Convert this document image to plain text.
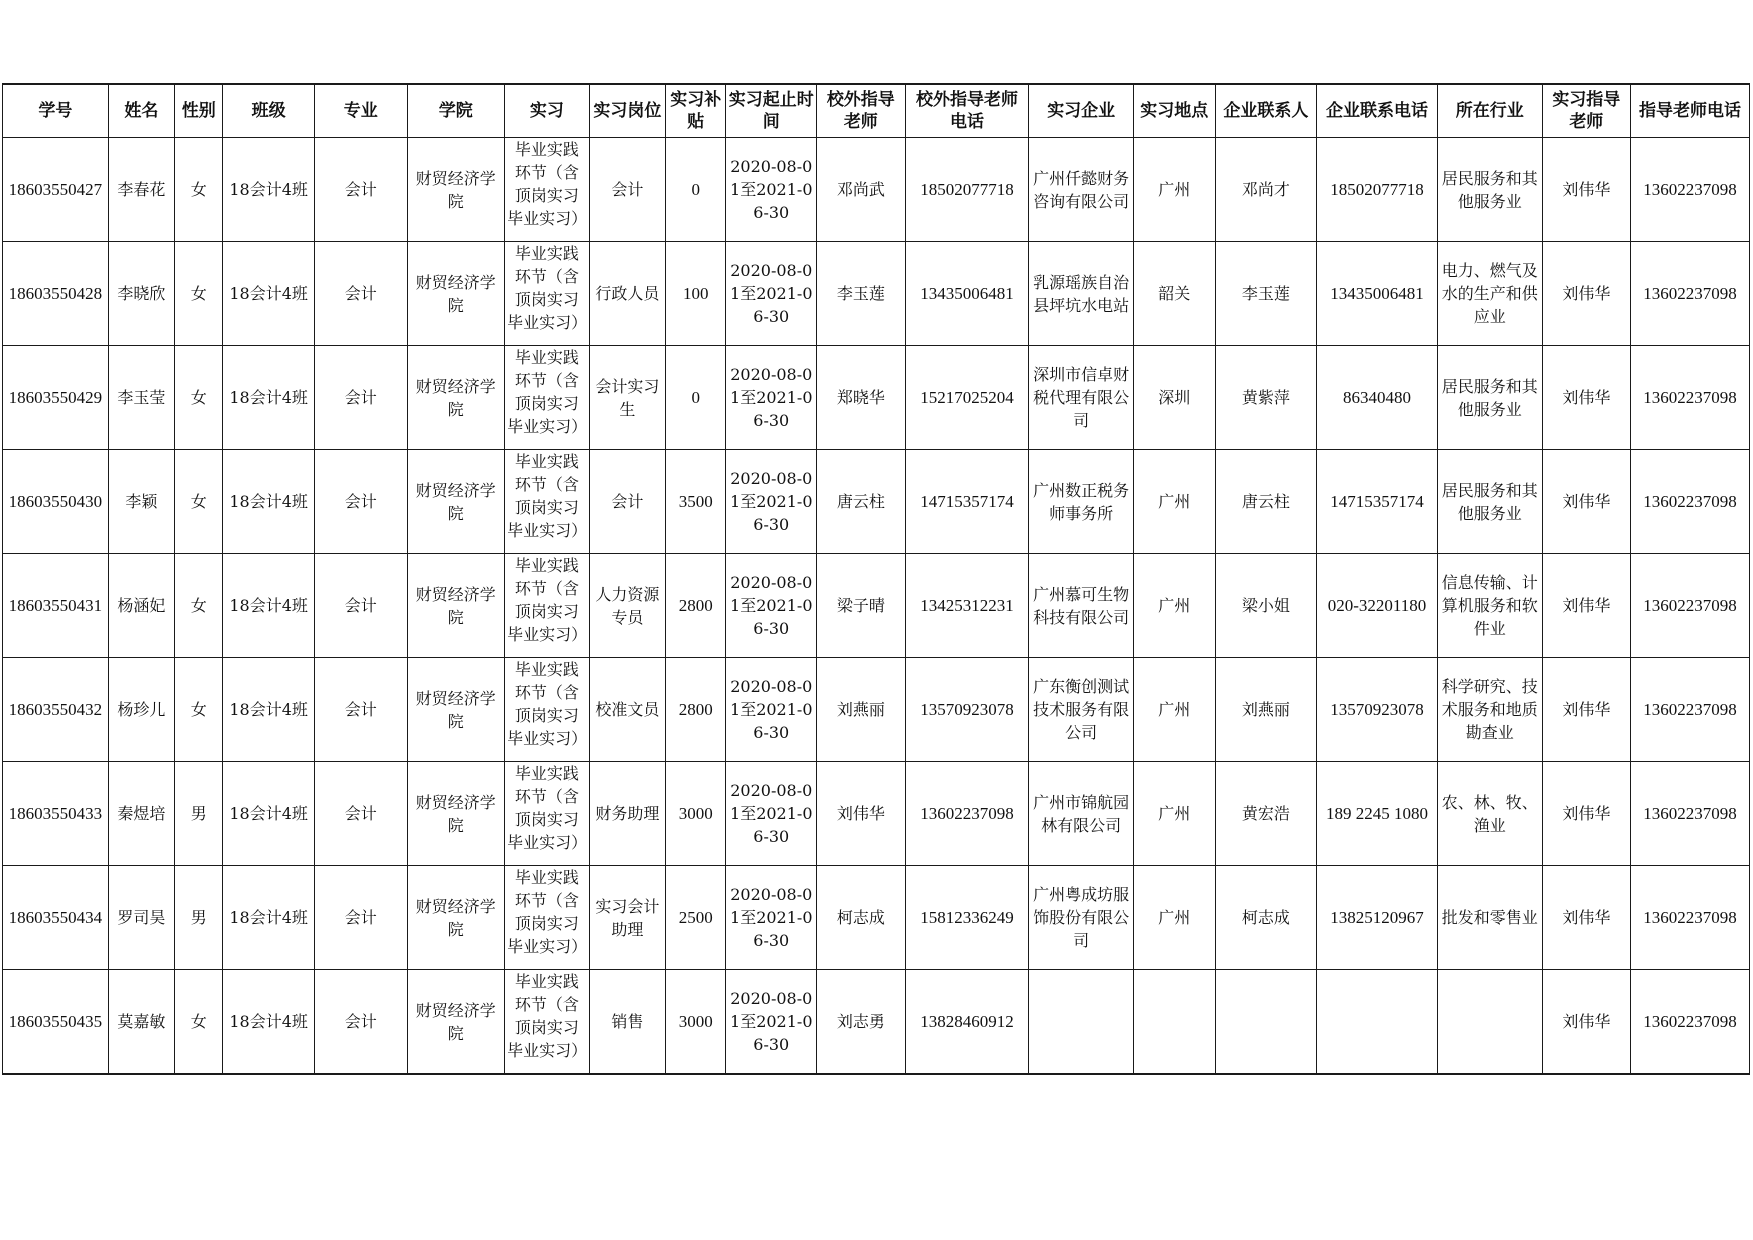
学号	姓名	性别	班级	专业	学院	实习	实习岗位	实习补贴	实习起止时间	校外指导老师	校外指导老师电话	实习企业	实习地点	企业联系人	企业联系电话	所在行业	实习指导老师	指导老师电话
18603550427	李春花	女	18会计4班	会计	财贸经济学院	毕业实践环节（含顶岗实习毕业实习）	会计	0	2020-08-01至2021-06-30	邓尚武	18502077718	广州仟懿财务咨询有限公司	广州	邓尚才	18502077718	居民服务和其他服务业	刘伟华	13602237098
18603550428	李晓欣	女	18会计4班	会计	财贸经济学院	毕业实践环节（含顶岗实习毕业实习）	行政人员	100	2020-08-01至2021-06-30	李玉莲	13435006481	乳源瑶族自治县坪坑水电站	韶关	李玉莲	13435006481	电力、燃气及水的生产和供应业	刘伟华	13602237098
18603550429	李玉莹	女	18会计4班	会计	财贸经济学院	毕业实践环节（含顶岗实习毕业实习）	会计实习生	0	2020-08-01至2021-06-30	郑晓华	15217025204	深圳市信卓财税代理有限公司	深圳	黄紫萍	86340480	居民服务和其他服务业	刘伟华	13602237098
18603550430	李颖	女	18会计4班	会计	财贸经济学院	毕业实践环节（含顶岗实习毕业实习）	会计	3500	2020-08-01至2021-06-30	唐云柱	14715357174	广州数正税务师事务所	广州	唐云柱	14715357174	居民服务和其他服务业	刘伟华	13602237098
18603550431	杨涵妃	女	18会计4班	会计	财贸经济学院	毕业实践环节（含顶岗实习毕业实习）	人力资源专员	2800	2020-08-01至2021-06-30	梁子晴	13425312231	广州慕可生物科技有限公司	广州	梁小姐	020-32201180	信息传输、计算机服务和软件业	刘伟华	13602237098
18603550432	杨珍儿	女	18会计4班	会计	财贸经济学院	毕业实践环节（含顶岗实习毕业实习）	校准文员	2800	2020-08-01至2021-06-30	刘燕丽	13570923078	广东衡创测试技术服务有限公司	广州	刘燕丽	13570923078	科学研究、技术服务和地质勘查业	刘伟华	13602237098
18603550433	秦煜培	男	18会计4班	会计	财贸经济学院	毕业实践环节（含顶岗实习毕业实习）	财务助理	3000	2020-08-01至2021-06-30	刘伟华	13602237098	广州市锦航园林有限公司	广州	黄宏浩	189 2245 1080	农、林、牧、渔业	刘伟华	13602237098
18603550434	罗司昊	男	18会计4班	会计	财贸经济学院	毕业实践环节（含顶岗实习毕业实习）	实习会计助理	2500	2020-08-01至2021-06-30	柯志成	15812336249	广州粤成坊服饰股份有限公司	广州	柯志成	13825120967	批发和零售业	刘伟华	13602237098
18603550435	莫嘉敏	女	18会计4班	会计	财贸经济学院	毕业实践环节（含顶岗实习毕业实习）	销售	3000	2020-08-01至2021-06-30	刘志勇	13828460912						刘伟华	13602237098
